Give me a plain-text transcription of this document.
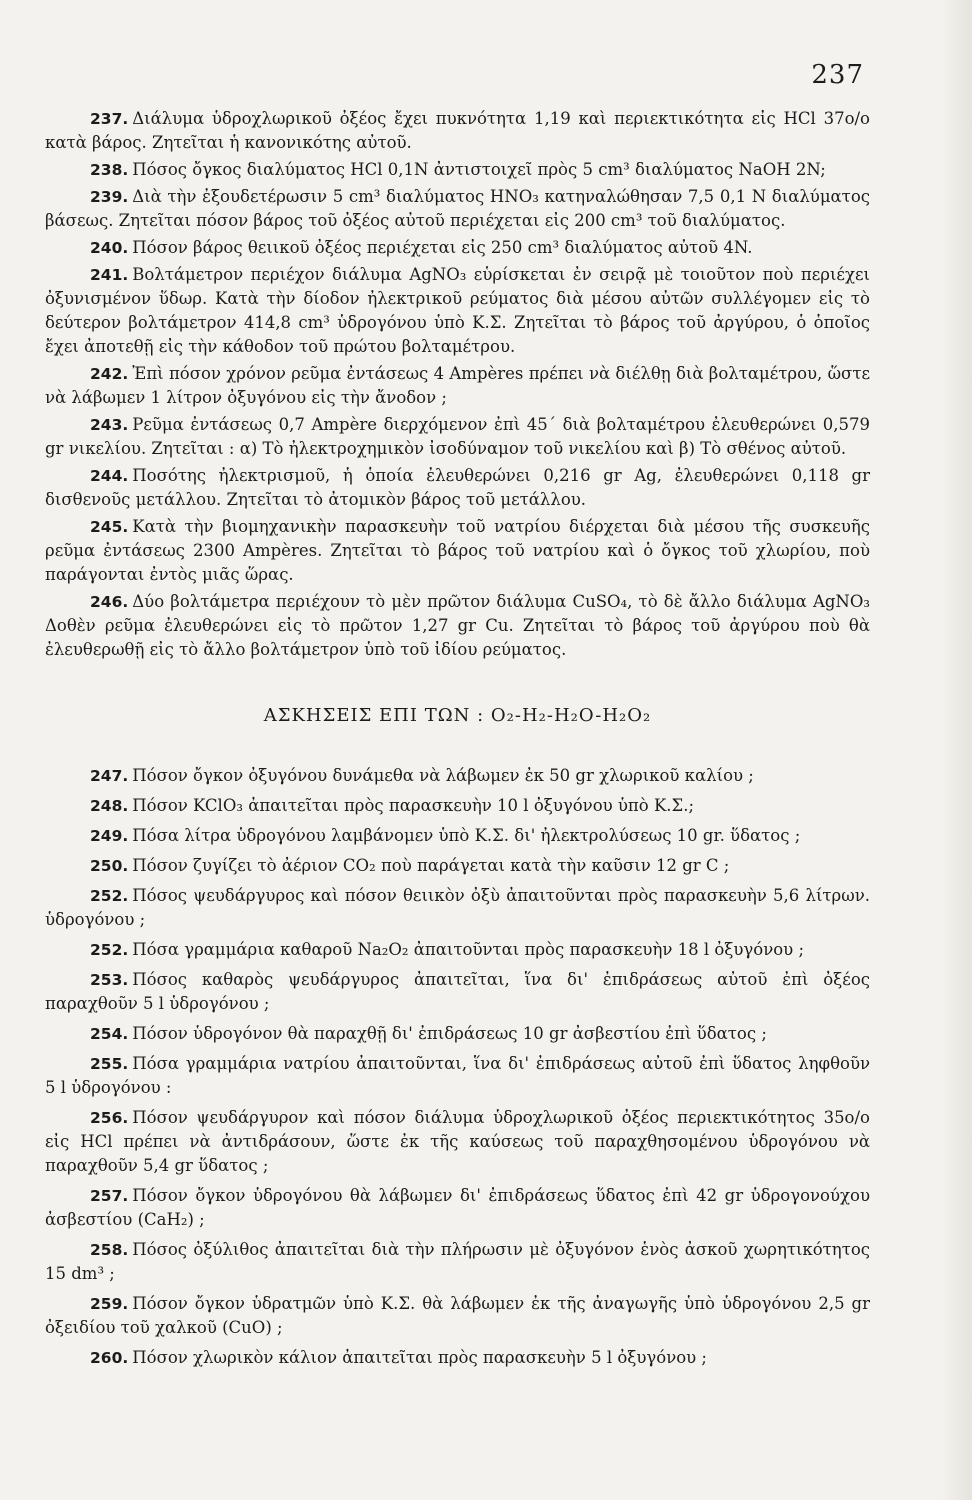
237
237. Διάλυμα ὑδροχλωρικοῦ ὀξέος ἔχει πυκνότητα 1,19 καὶ περιεκτικότητα εἰς HCl 37ο/ο κατὰ βάρος. Ζητεῖται ἡ κανονικότης αὐτοῦ.
238. Πόσος ὄγκος διαλύματος HCl 0,1N ἀντιστοιχεῖ πρὸς 5 cm³ διαλύματος NaOH 2N;
239. Διὰ τὴν ἐξουδετέρωσιν 5 cm³ διαλύματος HNO₃ κατηναλώθησαν 7,5 0,1 N διαλύματος βάσεως. Ζητεῖται πόσον βάρος τοῦ ὀξέος αὐτοῦ περιέχεται εἰς 200 cm³ τοῦ διαλύματος.
240. Πόσον βάρος θειικοῦ ὀξέος περιέχεται εἰς 250 cm³ διαλύματος αὐτοῦ 4N.
241. Βολτάμετρον περιέχον διάλυμα AgNO₃ εὑρίσκεται ἐν σειρᾷ μὲ τοιοῦτον ποὺ περιέχει ὀξυνισμένον ὕδωρ. Κατὰ τὴν δίοδον ἠλεκτρικοῦ ρεύματος διὰ μέσου αὐτῶν συλλέγομεν εἰς τὸ δεύτερον βολτάμετρον 414,8 cm³ ὑδρογόνου ὑπὸ Κ.Σ. Ζητεῖται τὸ βάρος τοῦ ἀργύρου, ὁ ὁποῖος ἔχει ἀποτεθῇ εἰς τὴν κάθοδον τοῦ πρώτου βολταμέτρου.
242. Ἐπὶ πόσον χρόνον ρεῦμα ἐντάσεως 4 Ampères πρέπει νὰ διέλθῃ διὰ βολταμέτρου, ὥστε νὰ λάβωμεν 1 λίτρον ὀξυγόνου εἰς τὴν ἄνοδον ;
243. Ρεῦμα ἐντάσεως 0,7 Ampère διερχόμενον ἐπὶ 45΄ διὰ βολταμέτρου ἐλευθερώνει 0,579 gr νικελίου. Ζητεῖται : α) Τὸ ἠλεκτροχημικὸν ἰσοδύναμον τοῦ νικελίου καὶ β) Τὸ σθένος αὐτοῦ.
244. Ποσότης ἠλεκτρισμοῦ, ἡ ὁποία ἐλευθερώνει 0,216 gr Ag, ἐλευθερώνει 0,118 gr δισθενοῦς μετάλλου. Ζητεῖται τὸ ἀτομικὸν βάρος τοῦ μετάλλου.
245. Κατὰ τὴν βιομηχανικὴν παρασκευὴν τοῦ νατρίου διέρχεται διὰ μέσου τῆς συσκευῆς ρεῦμα ἐντάσεως 2300 Ampères. Ζητεῖται τὸ βάρος τοῦ νατρίου καὶ ὁ ὄγκος τοῦ χλωρίου, ποὺ παράγονται ἐντὸς μιᾶς ὥρας.
246. Δύο βολτάμετρα περιέχουν τὸ μὲν πρῶτον διάλυμα CuSO₄, τὸ δὲ ἄλλο διάλυμα AgNO₃ Δοθὲν ρεῦμα ἐλευθερώνει εἰς τὸ πρῶτον 1,27 gr Cu. Ζητεῖται τὸ βάρος τοῦ ἀργύρου ποὺ θὰ ἐλευθερωθῇ εἰς τὸ ἄλλο βολτάμετρον ὑπὸ τοῦ ἰδίου ρεύματος.
ΑΣΚΗΣΕΙΣ ΕΠΙ ΤΩΝ : O₂-H₂-H₂O-H₂O₂
247. Πόσον ὄγκον ὀξυγόνου δυνάμεθα νὰ λάβωμεν ἐκ 50 gr χλωρικοῦ καλίου ;
248. Πόσον KClO₃ ἀπαιτεῖται πρὸς παρασκευὴν 10 l ὀξυγόνου ὑπὸ Κ.Σ.;
249. Πόσα λίτρα ὑδρογόνου λαμβάνομεν ὑπὸ Κ.Σ. δι' ἠλεκτρολύσεως 10 gr. ὕδατος ;
250. Πόσον ζυγίζει τὸ ἀέριον CO₂ ποὺ παράγεται κατὰ τὴν καῦσιν 12 gr C ;
252. Πόσος ψευδάργυρος καὶ πόσον θειικὸν ὀξὺ ἀπαιτοῦνται πρὸς παρασκευὴν 5,6 λίτρων. ὑδρογόνου ;
252. Πόσα γραμμάρια καθαροῦ Na₂O₂ ἀπαιτοῦνται πρὸς παρασκευὴν 18 l ὀξυγόνου ;
253. Πόσος καθαρὸς ψευδάργυρος ἀπαιτεῖται, ἵνα δι' ἐπιδράσεως αὐτοῦ ἐπὶ ὀξέος παραχθοῦν 5 l ὑδρογόνου ;
254. Πόσον ὑδρογόνον θὰ παραχθῇ δι' ἐπιδράσεως 10 gr ἀσβεστίου ἐπὶ ὕδατος ;
255. Πόσα γραμμάρια νατρίου ἀπαιτοῦνται, ἵνα δι' ἐπιδράσεως αὐτοῦ ἐπὶ ὕδατος ληφθοῦν 5 l ὑδρογόνου :
256. Πόσον ψευδάργυρον καὶ πόσον διάλυμα ὑδροχλωρικοῦ ὀξέος περιεκτικότητος 35ο/ο εἰς HCl πρέπει νὰ ἀντιδράσουν, ὥστε ἐκ τῆς καύσεως τοῦ παραχθησομένου ὑδρογόνου νὰ παραχθοῦν 5,4 gr ὕδατος ;
257. Πόσον ὄγκον ὑδρογόνου θὰ λάβωμεν δι' ἐπιδράσεως ὕδατος ἐπὶ 42 gr ὑδρογονούχου ἀσβεστίου (CaH₂) ;
258. Πόσος ὀξύλιθος ἀπαιτεῖται διὰ τὴν πλήρωσιν μὲ ὀξυγόνον ἑνὸς ἀσκοῦ χωρητικότητος 15 dm³ ;
259. Πόσον ὄγκον ὑδρατμῶν ὑπὸ Κ.Σ. θὰ λάβωμεν ἐκ τῆς ἀναγωγῆς ὑπὸ ὑδρογόνου 2,5 gr ὀξειδίου τοῦ χαλκοῦ (CuO) ;
260. Πόσον χλωρικὸν κάλιον ἀπαιτεῖται πρὸς παρασκευὴν 5 l ὀξυγόνου ;
